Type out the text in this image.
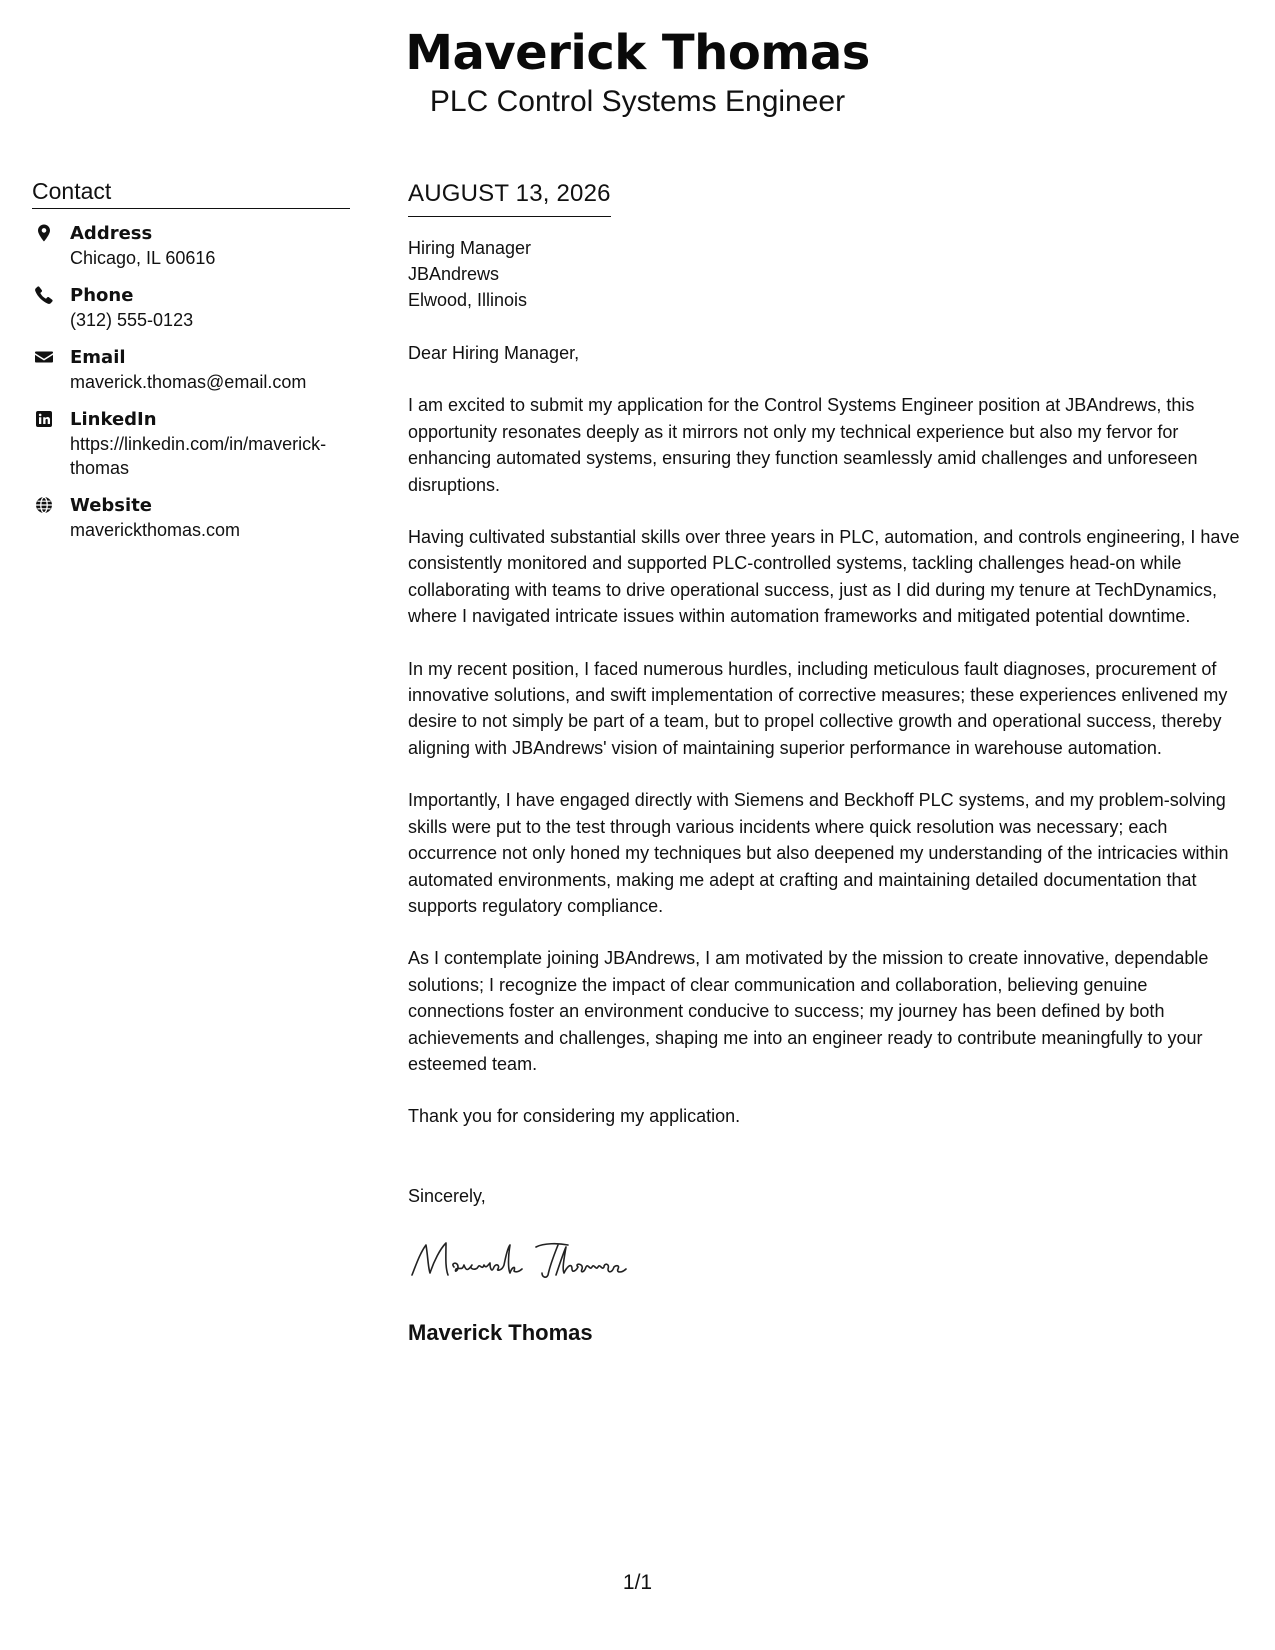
Maverick Thomas
PLC Control Systems Engineer
Contact
Address
Chicago, IL 60616
Phone
(312) 555-0123
Email
maverick.thomas@email.com
LinkedIn
https://linkedin.com/in/maverick-thomas
Website
maverickthomas.com
AUGUST 13, 2026
Hiring Manager
JBAndrews
Elwood, Illinois

Dear Hiring Manager,

I am excited to submit my application for the Control Systems Engineer position at JBAndrews, this opportunity resonates deeply as it mirrors not only my technical experience but also my fervor for enhancing automated systems, ensuring they function seamlessly amid challenges and unforeseen disruptions.

Having cultivated substantial skills over three years in PLC, automation, and controls engineering, I have consistently monitored and supported PLC-controlled systems, tackling challenges head-on while collaborating with teams to drive operational success, just as I did during my tenure at TechDynamics, where I navigated intricate issues within automation frameworks and mitigated potential downtime.

In my recent position, I faced numerous hurdles, including meticulous fault diagnoses, procurement of innovative solutions, and swift implementation of corrective measures; these experiences enlivened my desire to not simply be part of a team, but to propel collective growth and operational success, thereby aligning with JBAndrews' vision of maintaining superior performance in warehouse automation.

Importantly, I have engaged directly with Siemens and Beckhoff PLC systems, and my problem-solving skills were put to the test through various incidents where quick resolution was necessary; each occurrence not only honed my techniques but also deepened my understanding of the intricacies within automated environments, making me adept at crafting and maintaining detailed documentation that supports regulatory compliance.

As I contemplate joining JBAndrews, I am motivated by the mission to create innovative, dependable solutions; I recognize the impact of clear communication and collaboration, believing genuine connections foster an environment conducive to success; my journey has been defined by both achievements and challenges, shaping me into an engineer ready to contribute meaningfully to your esteemed team.

Thank you for considering my application.

Sincerely,

Maverick Thomas
1/1
